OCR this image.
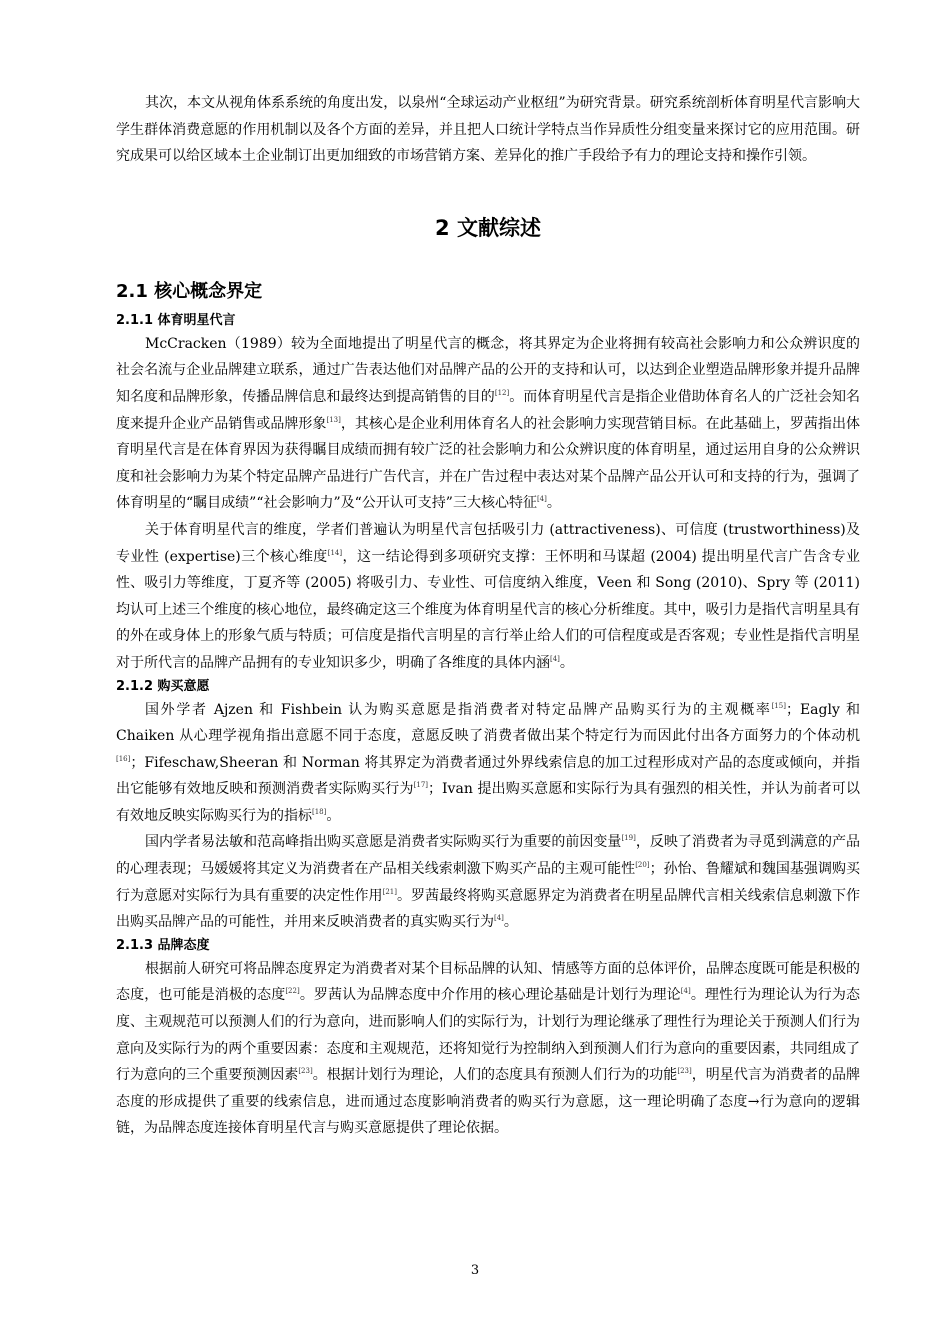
其次，本文从视角体系系统的角度出发，以泉州“全球运动产业枢纽”为研究背景。研究系统剖析体育明星代言影响大学生群体消费意愿的作用机制以及各个方面的差异，并且把人口统计学特点当作异质性分组变量来探讨它的应用范围。研究成果可以给区域本土企业制订出更加细致的市场营销方案、差异化的推广手段给予有力的理论支持和操作引领。

2 文献综述
2.1 核心概念界定
2.1.1 体育明星代言

McCracken（1989）较为全面地提出了明星代言的概念，将其界定为企业将拥有较高社会影响力和公众辨识度的社会名流与企业品牌建立联系，通过广告表达他们对品牌产品的公开的支持和认可，以达到企业塑造品牌形象并提升品牌知名度和品牌形象，传播品牌信息和最终达到提高销售的目的[12]。而体育明星代言是指企业借助体育名人的广泛社会知名度来提升企业产品销售或品牌形象[13]，其核心是企业利用体育名人的社会影响力实现营销目标。在此基础上，罗茜指出体育明星代言是在体育界因为获得瞩目成绩而拥有较广泛的社会影响力和公众辨识度的体育明星，通过运用自身的公众辨识度和社会影响力为某个特定品牌产品进行广告代言，并在广告过程中表达对某个品牌产品公开认可和支持的行为，强调了体育明星的“瞩目成绩”“社会影响力”及“公开认可支持”三大核心特征[4]。

关于体育明星代言的维度，学者们普遍认为明星代言包括吸引力 (attractiveness)、可信度 (trustworthiness)及专业性 (expertise)三个核心维度[14]，这一结论得到多项研究支撑：王怀明和马谋超 (2004) 提出明星代言广告含专业性、吸引力等维度，丁夏齐等 (2005) 将吸引力、专业性、可信度纳入维度，Veen 和 Song (2010)、Spry 等 (2011) 均认可上述三个维度的核心地位，最终确定这三个维度为体育明星代言的核心分析维度。其中，吸引力是指代言明星具有的外在或身体上的形象气质与特质；可信度是指代言明星的言行举止给人们的可信程度或是否客观；专业性是指代言明星对于所代言的品牌产品拥有的专业知识多少，明确了各维度的具体内涵[4]。

2.1.2 购买意愿

国外学者 Ajzen 和 Fishbein 认为购买意愿是指消费者对特定品牌产品购买行为的主观概率[15]；Eagly 和 Chaiken 从心理学视角指出意愿不同于态度，意愿反映了消费者做出某个特定行为而因此付出各方面努力的个体动机[16]；Fifeschaw,Sheeran 和 Norman 将其界定为消费者通过外界线索信息的加工过程形成对产品的态度或倾向，并指出它能够有效地反映和预测消费者实际购买行为[17]；Ivan 提出购买意愿和实际行为具有强烈的相关性，并认为前者可以有效地反映实际购买行为的指标[18]。

国内学者易法敏和范高峰指出购买意愿是消费者实际购买行为重要的前因变量[19]，反映了消费者为寻觅到满意的产品的心理表现；马媛媛将其定义为消费者在产品相关线索刺激下购买产品的主观可能性[20]；孙怡、鲁耀斌和魏国基强调购买行为意愿对实际行为具有重要的决定性作用[21]。罗茜最终将购买意愿界定为消费者在明星品牌代言相关线索信息刺激下作出购买品牌产品的可能性，并用来反映消费者的真实购买行为[4]。

2.1.3 品牌态度

根据前人研究可将品牌态度界定为消费者对某个目标品牌的认知、情感等方面的总体评价，品牌态度既可能是积极的态度，也可能是消极的态度[22]。罗茜认为品牌态度中介作用的核心理论基础是计划行为理论[4]。理性行为理论认为行为态度、主观规范可以预测人们的行为意向，进而影响人们的实际行为，计划行为理论继承了理性行为理论关于预测人们行为意向及实际行为的两个重要因素：态度和主观规范，还将知觉行为控制纳入到预测人们行为意向的重要因素，共同组成了行为意向的三个重要预测因素[23]。根据计划行为理论，人们的态度具有预测人们行为的功能[23]，明星代言为消费者的品牌态度的形成提供了重要的线索信息，进而通过态度影响消费者的购买行为意愿，这一理论明确了态度→行为意向的逻辑链，为品牌态度连接体育明星代言与购买意愿提供了理论依据。

3
